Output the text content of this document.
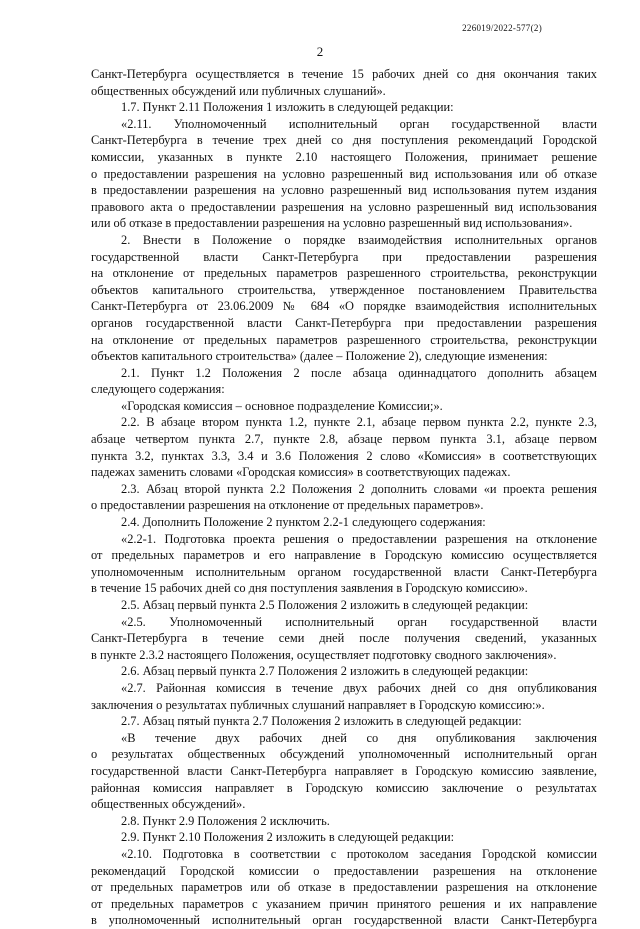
226019/2022-577(2)
2
Санкт-Петербурга осуществляется в течение 15 рабочих дней со дня окончания таких
общественных обсуждений или публичных слушаний».
1.7. Пункт 2.11 Положения 1 изложить в следующей редакции:
«2.11. Уполномоченный исполнительный орган государственной власти
Санкт-Петербурга в течение трех дней со дня поступления рекомендаций Городской
комиссии, указанных в пункте 2.10 настоящего Положения, принимает решение
о предоставлении разрешения на условно разрешенный вид использования или об отказе
в предоставлении разрешения на условно разрешенный вид использования путем издания
правового акта о предоставлении разрешения на условно разрешенный вид использования
или об отказе в предоставлении разрешения на условно разрешенный вид использования».
2. Внести в Положение о порядке взаимодействия исполнительных органов
государственной власти Санкт-Петербурга при предоставлении разрешения
на отклонение от предельных параметров разрешенного строительства, реконструкции
объектов капитального строительства, утвержденное постановлением Правительства
Санкт-Петербурга от 23.06.2009 № 684 «О порядке взаимодействия исполнительных
органов государственной власти Санкт-Петербурга при предоставлении разрешения
на отклонение от предельных параметров разрешенного строительства, реконструкции
объектов капитального строительства» (далее – Положение 2), следующие изменения:
2.1. Пункт 1.2 Положения 2 после абзаца одиннадцатого дополнить абзацем
следующего содержания:
«Городская комиссия – основное подразделение Комиссии;».
2.2. В абзаце втором пункта 1.2, пункте 2.1, абзаце первом пункта 2.2, пункте 2.3,
абзаце четвертом пункта 2.7, пункте 2.8, абзаце первом пункта 3.1, абзаце первом
пункта 3.2, пунктах 3.3, 3.4 и 3.6 Положения 2 слово «Комиссия» в соответствующих
падежах заменить словами «Городская комиссия» в соответствующих падежах.
2.3. Абзац второй пункта 2.2 Положения 2 дополнить словами «и проекта решения
о предоставлении разрешения на отклонение от предельных параметров».
2.4. Дополнить Положение 2 пунктом 2.2-1 следующего содержания:
«2.2-1. Подготовка проекта решения о предоставлении разрешения на отклонение
от предельных параметров и его направление в Городскую комиссию осуществляется
уполномоченным исполнительным органом государственной власти Санкт-Петербурга
в течение 15 рабочих дней со дня поступления заявления в Городскую комиссию».
2.5. Абзац первый пункта 2.5 Положения 2 изложить в следующей редакции:
«2.5. Уполномоченный исполнительный орган государственной власти
Санкт-Петербурга в течение семи дней после получения сведений, указанных
в пункте 2.3.2 настоящего Положения, осуществляет подготовку сводного заключения».
2.6. Абзац первый пункта 2.7 Положения 2 изложить в следующей редакции:
«2.7. Районная комиссия в течение двух рабочих дней со дня опубликования
заключения о результатах публичных слушаний направляет в Городскую комиссию:».
2.7. Абзац пятый пункта 2.7 Положения 2 изложить в следующей редакции:
«В течение двух рабочих дней со дня опубликования заключения
о результатах общественных обсуждений уполномоченный исполнительный орган
государственной власти Санкт-Петербурга направляет в Городскую комиссию заявление,
районная комиссия направляет в Городскую комиссию заключение о результатах
общественных обсуждений».
2.8. Пункт 2.9 Положения 2 исключить.
2.9. Пункт 2.10 Положения 2 изложить в следующей редакции:
«2.10. Подготовка в соответствии с протоколом заседания Городской комиссии
рекомендаций Городской комиссии о предоставлении разрешения на отклонение
от предельных параметров или об отказе в предоставлении разрешения на отклонение
от предельных параметров с указанием причин принятого решения и их направление
в уполномоченный исполнительный орган государственной власти Санкт-Петербурга
